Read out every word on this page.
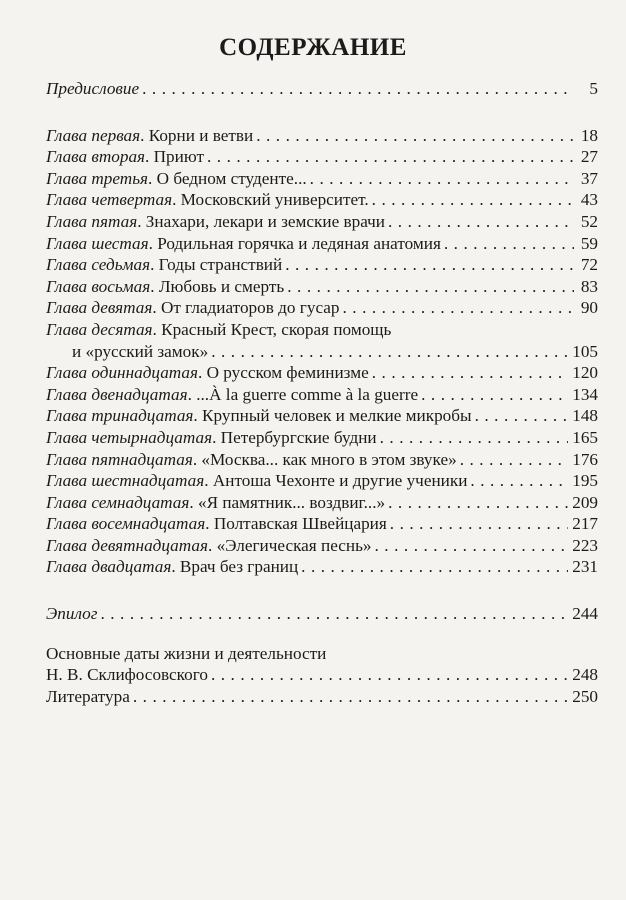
СОДЕРЖАНИЕ
Предисловие . . .	5
Глава первая. Корни и ветви . . .	18
Глава вторая. Приют . . .	27
Глава третья. О бедном студенте... . . .	37
Глава четвертая. Московский университет. . . .	43
Глава пятая. Знахари, лекари и земские врачи . . .	52
Глава шестая. Родильная горячка и ледяная анатомия . . .	59
Глава седьмая. Годы странствий . . .	72
Глава восьмая. Любовь и смерть . . .	83
Глава девятая. От гладиаторов до гусар . . .	90
Глава десятая. Красный Крест, скорая помощь
и «русский замок» . . .	105
Глава одиннадцатая. О русском феминизме . . .	120
Глава двенадцатая. ...À la guerre comme à la guerre . . .	134
Глава тринадцатая. Крупный человек и мелкие микробы . . .	148
Глава четырнадцатая. Петербургские будни . . .	165
Глава пятнадцатая. «Москва... как много в этом звуке» . . .	176
Глава шестнадцатая. Антоша Чехонте и другие ученики . . .	195
Глава семнадцатая. «Я памятник... воздвиг...» . . .	209
Глава восемнадцатая. Полтавская Швейцария . . .	217
Глава девятнадцатая. «Элегическая песнь» . . .	223
Глава двадцатая. Врач без границ . . .	231
Эпилог . . .	244
Основные даты жизни и деятельности
Н. В. Склифосовского . . .	248
Литература . . .	250
